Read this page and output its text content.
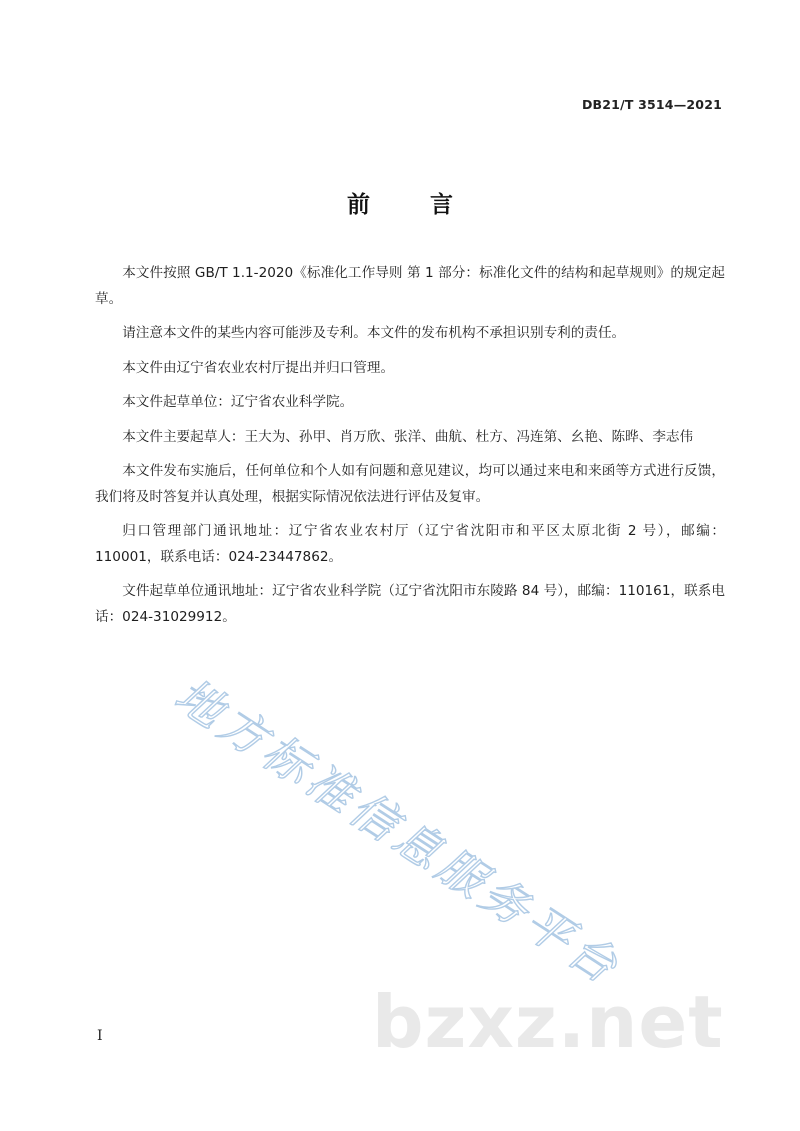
DB21/T 3514—2021
前 言

本文件按照 GB/T 1.1-2020《标准化工作导则 第 1 部分：标准化文件的结构和起草规则》的规定起草。

请注意本文件的某些内容可能涉及专利。本文件的发布机构不承担识别专利的责任。

本文件由辽宁省农业农村厅提出并归口管理。

本文件起草单位：辽宁省农业科学院。

本文件主要起草人：王大为、孙甲、肖万欣、张洋、曲航、杜方、冯连第、幺艳、陈晔、李志伟

本文件发布实施后，任何单位和个人如有问题和意见建议，均可以通过来电和来函等方式进行反馈，我们将及时答复并认真处理，根据实际情况依法进行评估及复审。

归口管理部门通讯地址：辽宁省农业农村厅（辽宁省沈阳市和平区太原北街 2 号），邮编：110001，联系电话：024-23447862。

文件起草单位通讯地址：辽宁省农业科学院（辽宁省沈阳市东陵路 84 号），邮编：110161，联系电话：024-31029912。

地方标准信息服务平台
bzxz.net
I
